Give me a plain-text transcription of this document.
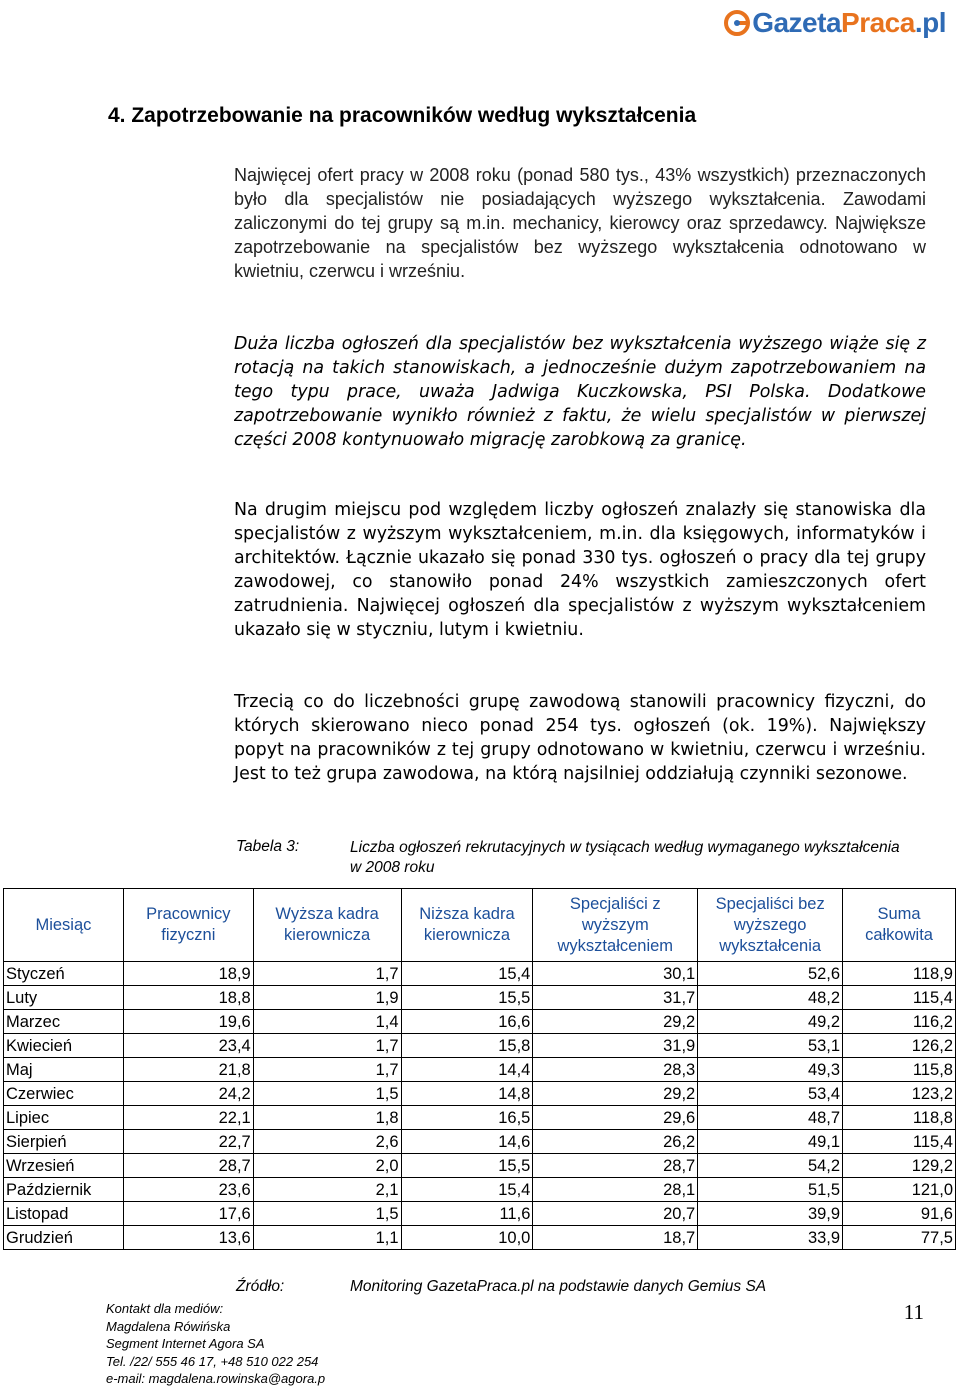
GazetaPraca.pl
4. Zapotrzebowanie na pracowników według wykształcenia

Najwięcej ofert pracy w 2008 roku (ponad 580 tys., 43% wszystkich) przeznaczonych było dla specjalistów nie posiadających wyższego wykształcenia. Zawodami zaliczonymi do tej grupy są m.in. mechanicy, kierowcy oraz sprzedawcy. Największe zapotrzebowanie na specjalistów bez wyższego wykształcenia odnotowano w kwietniu, czerwcu i wrześniu.

Duża liczba ogłoszeń dla specjalistów bez wykształcenia wyższego wiąże się z rotacją na takich stanowiskach, a jednocześnie dużym zapotrzebowaniem na tego typu prace, uważa Jadwiga Kuczkowska, PSI Polska. Dodatkowe zapotrzebowanie wynikło również z faktu, że wielu specjalistów w pierwszej części 2008 kontynuowało migrację zarobkową za granicę.

Na drugim miejscu pod względem liczby ogłoszeń znalazły się stanowiska dla specjalistów z wyższym wykształceniem, m.in. dla księgowych, informatyków i architektów. Łącznie ukazało się ponad 330 tys. ogłoszeń o pracy dla tej grupy zawodowej, co stanowiło ponad 24% wszystkich zamieszczonych ofert zatrudnienia. Najwięcej ogłoszeń dla specjalistów z wyższym wykształceniem ukazało się w styczniu, lutym i kwietniu.

Trzecią co do liczebności grupę zawodową stanowili pracownicy fizyczni, do których skierowano nieco ponad 254 tys. ogłoszeń (ok. 19%). Największy popyt na pracowników z tej grupy odnotowano w kwietniu, czerwcu i wrześniu. Jest to też grupa zawodowa, na którą najsilniej oddziałują czynniki sezonowe.

Tabela 3:	Liczba ogłoszeń rekrutacyjnych w tysiącach według wymaganego wykształcenia w 2008 roku
Miesiąc	Pracownicy fizyczni	Wyższa kadra kierownicza	Niższa kadra kierownicza	Specjaliści z wyższym wykształceniem	Specjaliści bez wyższego wykształcenia	Suma całkowita
Styczeń	18,9	1,7	15,4	30,1	52,6	118,9
Luty	18,8	1,9	15,5	31,7	48,2	115,4
Marzec	19,6	1,4	16,6	29,2	49,2	116,2
Kwiecień	23,4	1,7	15,8	31,9	53,1	126,2
Maj	21,8	1,7	14,4	28,3	49,3	115,8
Czerwiec	24,2	1,5	14,8	29,2	53,4	123,2
Lipiec	22,1	1,8	16,5	29,6	48,7	118,8
Sierpień	22,7	2,6	14,6	26,2	49,1	115,4
Wrzesień	28,7	2,0	15,5	28,7	54,2	129,2
Październik	23,6	2,1	15,4	28,1	51,5	121,0
Listopad	17,6	1,5	11,6	20,7	39,9	91,6
Grudzień	13,6	1,1	10,0	18,7	33,9	77,5
Źródło:	Monitoring GazetaPraca.pl na podstawie danych Gemius SA
Kontakt dla mediów:
Magdalena Rówińska
Segment Internet Agora SA
Tel. /22/ 555 46 17, +48 510 022 254
e-mail: magdalena.rowinska@agora.p
11
